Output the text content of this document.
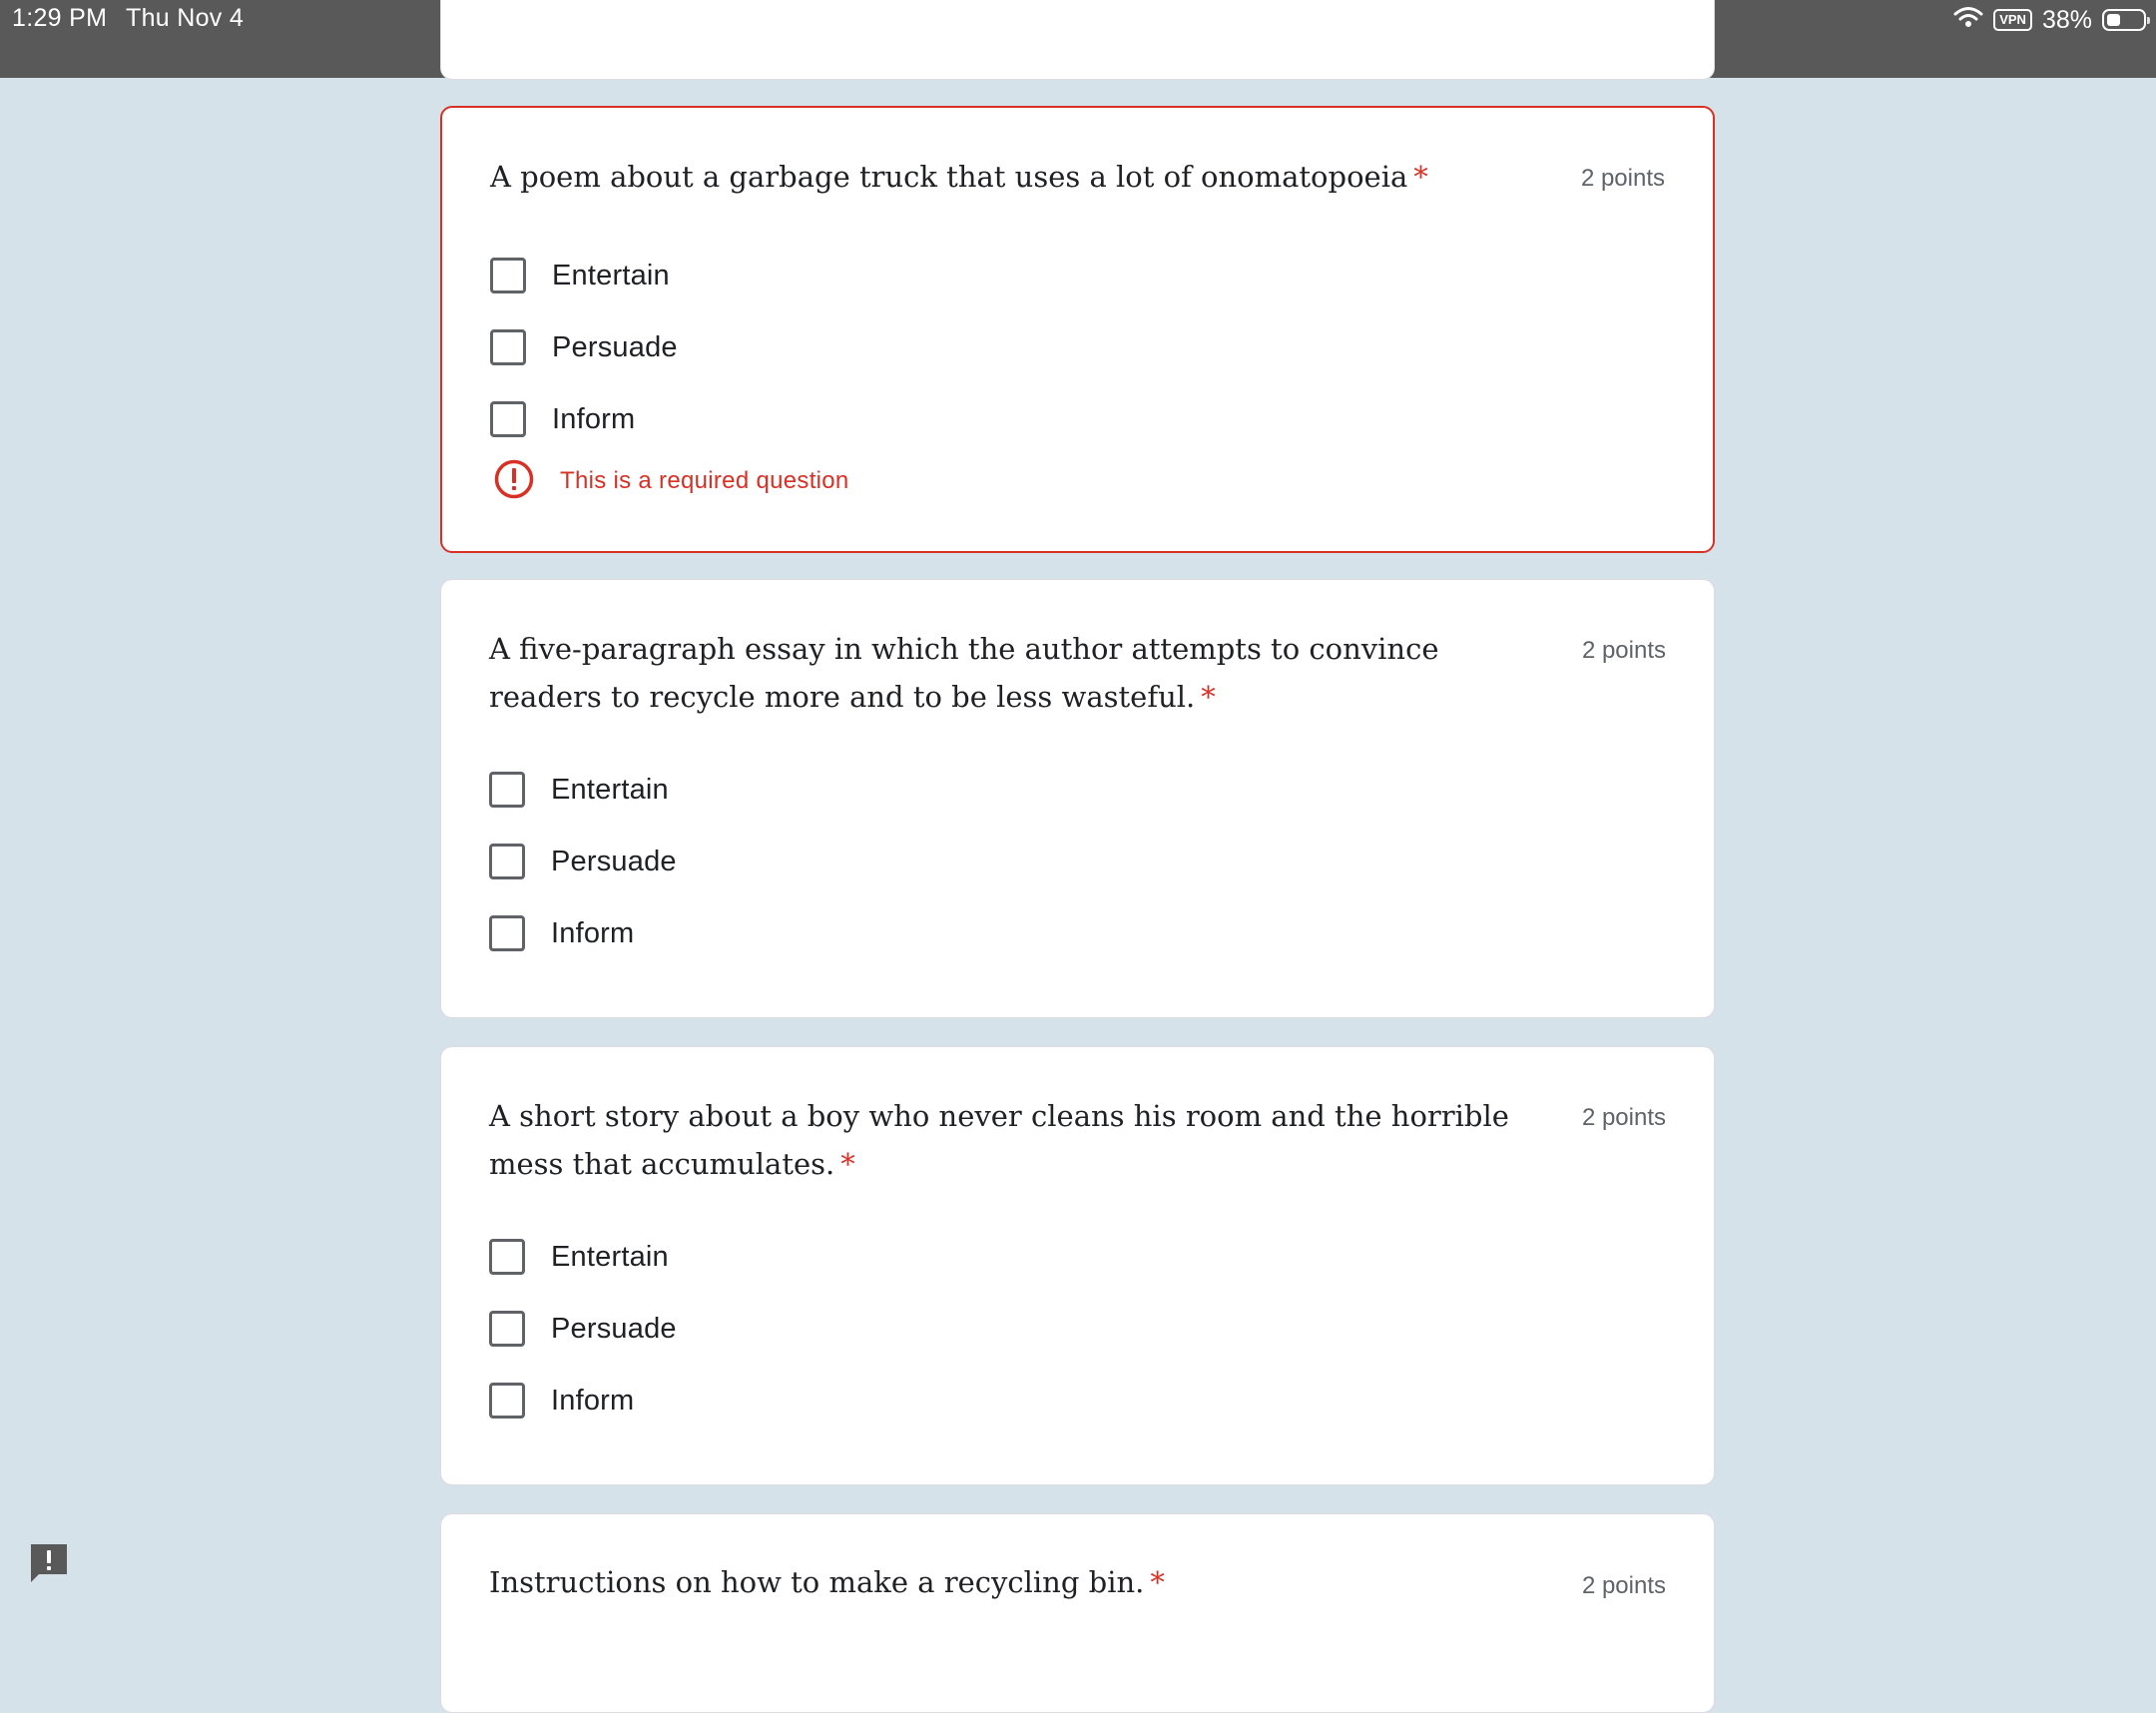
1:29 PM Thu Nov 4	VPN 38%
A poem about a garbage truck that uses a lot of onomatopoeia *	2 points
Entertain
Persuade
Inform
This is a required question
A five-paragraph essay in which the author attempts to convince readers to recycle more and to be less wasteful. *
2 points
Entertain
Persuade
Inform
A short story about a boy who never cleans his room and the horrible mess that accumulates. *
2 points
Entertain
Persuade
Inform
Instructions on how to make a recycling bin. *	2 points
